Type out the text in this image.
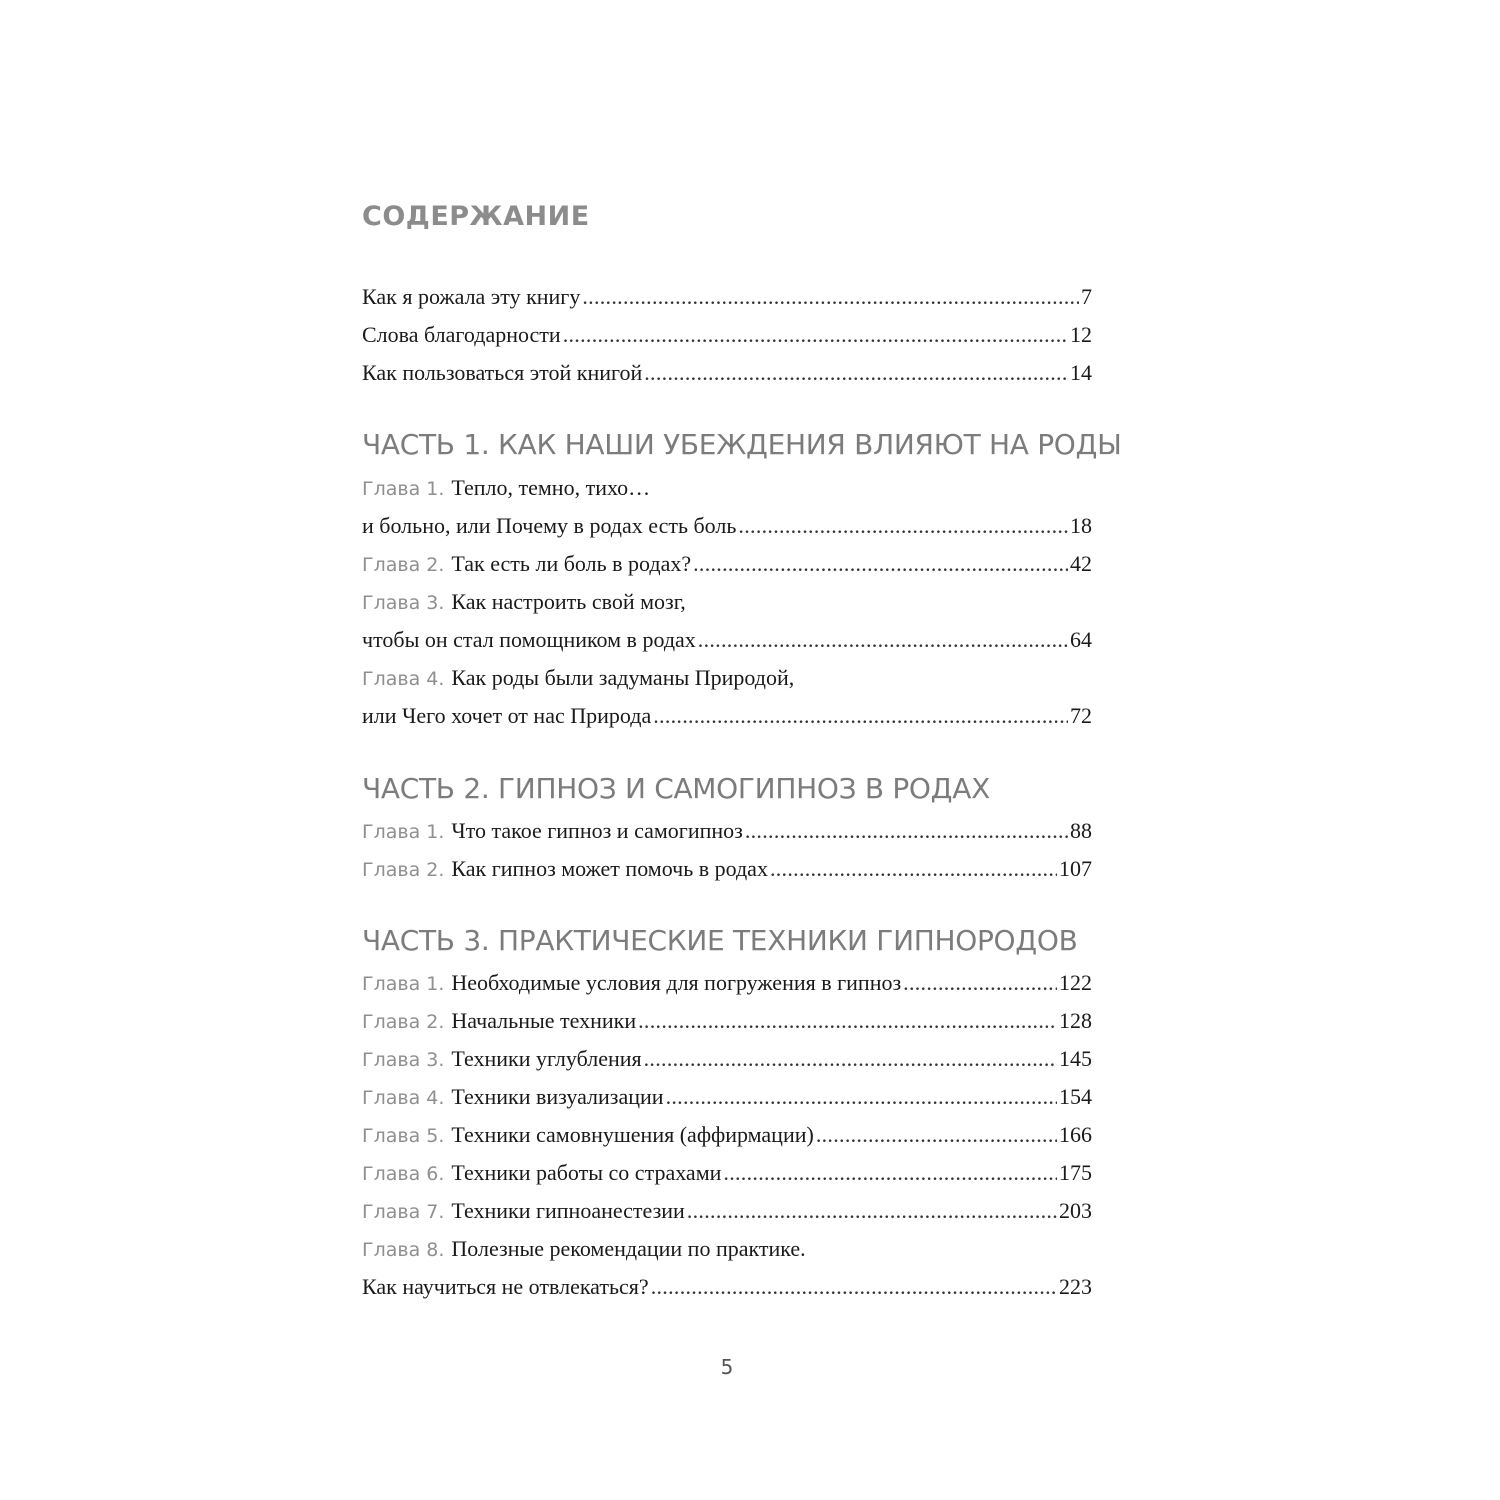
СОДЕРЖАНИЕ
Как я рожала эту книгу . . .	7
Слова благодарности . . .	12
Как пользоваться этой книгой . . .	14
ЧАСТЬ 1. КАК НАШИ УБЕЖДЕНИЯ ВЛИЯЮТ НА РОДЫ
Глава 1. Тепло, темно, тихо…
и больно, или Почему в родах есть боль . . .	18
Глава 2. Так есть ли боль в родах? . . .	42
Глава 3. Как настроить свой мозг,
чтобы он стал помощником в родах . . .	64
Глава 4. Как роды были задуманы Природой,
или Чего хочет от нас Природа . . .	72
ЧАСТЬ 2. ГИПНОЗ И САМОГИПНОЗ В РОДАХ
Глава 1. Что такое гипноз и самогипноз . . .	88
Глава 2. Как гипноз может помочь в родах . . .	107
ЧАСТЬ 3. ПРАКТИЧЕСКИЕ ТЕХНИКИ ГИПНОРОДОВ
Глава 1. Необходимые условия для погружения в гипноз . . .	122
Глава 2. Начальные техники . . .	128
Глава 3. Техники углубления . . .	145
Глава 4. Техники визуализации . . .	154
Глава 5. Техники самовнушения (аффирмации) . . .	166
Глава 6. Техники работы со страхами . . .	175
Глава 7. Техники гипноанестезии . . .	203
Глава 8. Полезные рекомендации по практике.
Как научиться не отвлекаться? . . .	223
5
